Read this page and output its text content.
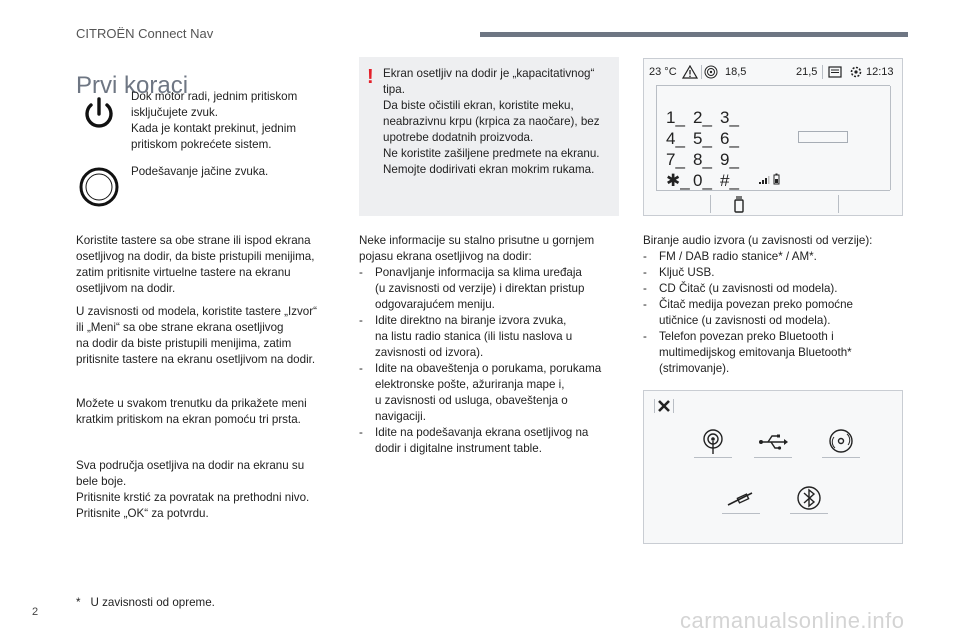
CITROËN Connect Nav
Prvi koraci

Dok motor radi, jednim pritiskom

isključujete zvuk.

Kada je kontakt prekinut, jednim

pritiskom pokrećete sistem.

Podešavanje jačine zvuka.

Koristite tastere sa obe strane ili ispod ekrana

osetljivog na dodir, da biste pristupili menijima,

zatim pritisnite virtuelne tastere na ekranu

osetljivom na dodir.

U zavisnosti od modela, koristite tastere „Izvor“

ili „Meni“ sa obe strane ekrana osetljivog

na dodir da biste pristupili menijima, zatim

pritisnite tastere na ekranu osetljivom na dodir.

Možete u svakom trenutku da prikažete meni

kratkim pritiskom na ekran pomoću tri prsta.

Sva područja osetljiva na dodir na ekranu su

bele boje.

Pritisnite krstić za povratak na prethodni nivo.

Pritisnite „OK“ za potvrdu.

! Ekran osetljiv na dodir je „kapacitativnog“

tipa.

Da biste očistili ekran, koristite meku,

neabrazivnu krpu (krpica za naočare), bez

upotrebe dodatnih proizvoda.

Ne koristite zašiljene predmete na ekranu.

Nemojte dodirivati ekran mokrim rukama.

Neke informacije su stalno prisutne u gornjem

pojasu ekrana osetljivog na dodir:

- Ponavljanje informacija sa klima uređaja
(u zavisnosti od verzije) i direktan pristup
odgovarajućem meniju.
- Idite direktno na biranje izvora zvuka,
na listu radio stanica (ili listu naslova u
zavisnosti od izvora).
- Idite na obaveštenja o porukama, porukama
elektronske pošte, ažuriranja mape i,
u zavisnosti od usluga, obaveštenja o
navigaciji.
- Idite na podešavanja ekrana osetljivog na
dodir i digitalne instrument table.
23 °C	18,5	21,5	12:13
1_ 2_ 3_
4_ 5_ 6_
7_ 8_ 9_
✱_ 0_ #_

Biranje audio izvora (u zavisnosti od verzije):

- FM / DAB radio stanice* / AM*.
- Ključ USB.
- CD Čitač (u zavisnosti od modela).
- Čitač medija povezan preko pomoćne
utičnice (u zavisnosti od modela).
- Telefon povezan preko Bluetooth i
multimedijskog emitovanja Bluetooth*
(strimovanje).
* U zavisnosti od opreme.
2	carmanualsonline.info
